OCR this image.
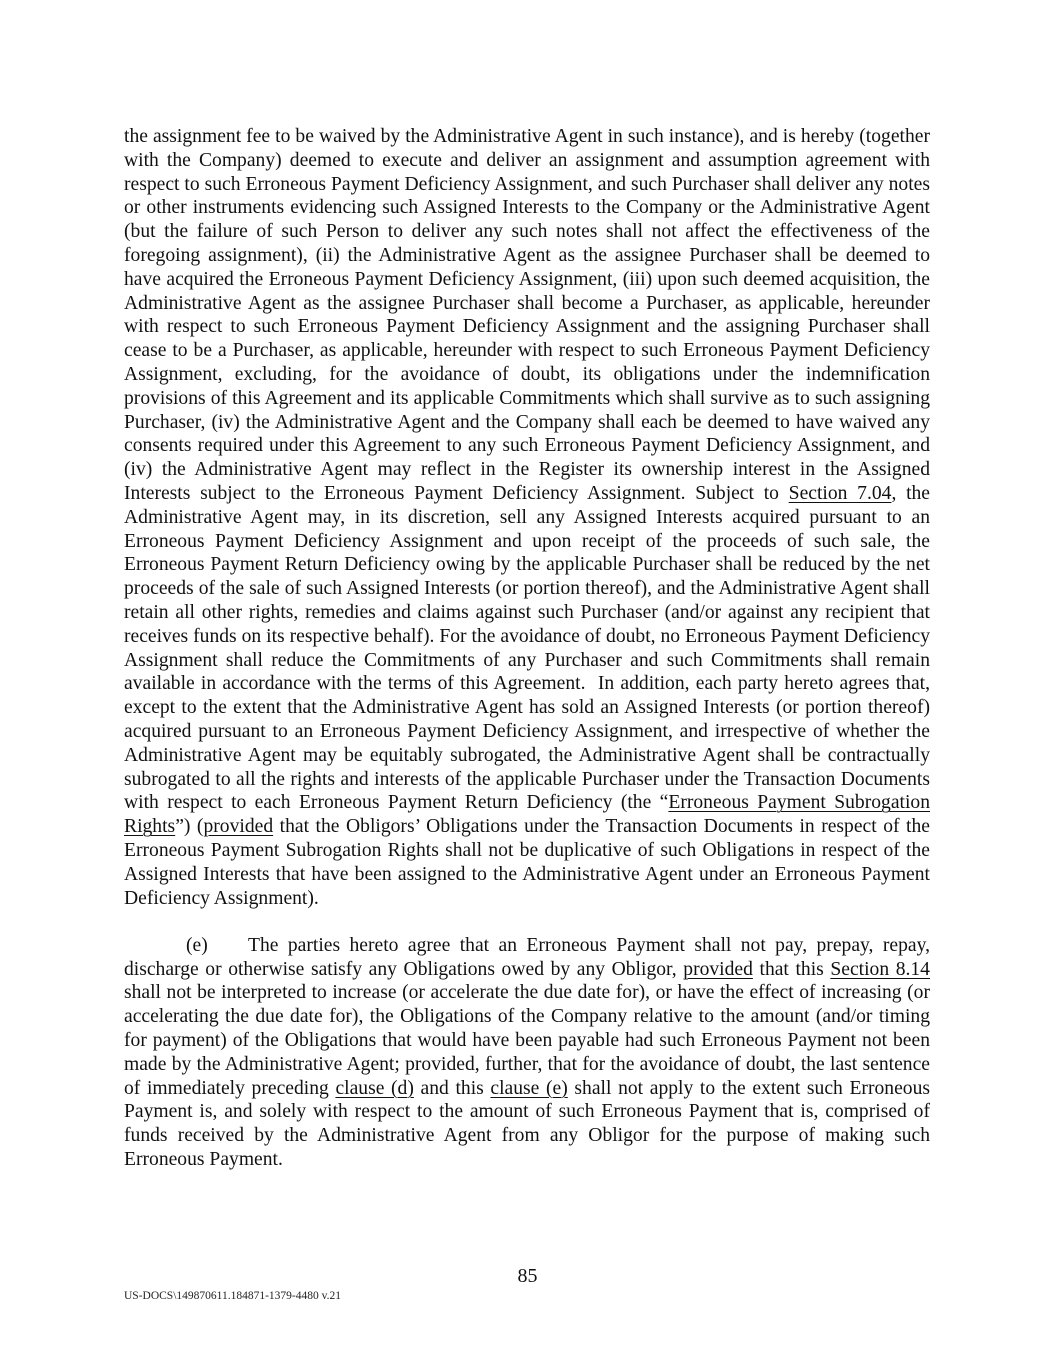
the assignment fee to be waived by the Administrative Agent in such instance), and is hereby (together with the Company) deemed to execute and deliver an assignment and assumption agreement with respect to such Erroneous Payment Deficiency Assignment, and such Purchaser shall deliver any notes or other instruments evidencing such Assigned Interests to the Company or the Administrative Agent (but the failure of such Person to deliver any such notes shall not affect the effectiveness of the foregoing assignment), (ii) the Administrative Agent as the assignee Purchaser shall be deemed to have acquired the Erroneous Payment Deficiency Assignment, (iii) upon such deemed acquisition, the Administrative Agent as the assignee Purchaser shall become a Purchaser, as applicable, hereunder with respect to such Erroneous Payment Deficiency Assignment and the assigning Purchaser shall cease to be a Purchaser, as applicable, hereunder with respect to such Erroneous Payment Deficiency Assignment, excluding, for the avoidance of doubt, its obligations under the indemnification provisions of this Agreement and its applicable Commitments which shall survive as to such assigning Purchaser, (iv) the Administrative Agent and the Company shall each be deemed to have waived any consents required under this Agreement to any such Erroneous Payment Deficiency Assignment, and (iv) the Administrative Agent may reflect in the Register its ownership interest in the Assigned Interests subject to the Erroneous Payment Deficiency Assignment. Subject to Section 7.04, the Administrative Agent may, in its discretion, sell any Assigned Interests acquired pursuant to an Erroneous Payment Deficiency Assignment and upon receipt of the proceeds of such sale, the Erroneous Payment Return Deficiency owing by the applicable Purchaser shall be reduced by the net proceeds of the sale of such Assigned Interests (or portion thereof), and the Administrative Agent shall retain all other rights, remedies and claims against such Purchaser (and/or against any recipient that receives funds on its respective behalf). For the avoidance of doubt, no Erroneous Payment Deficiency Assignment shall reduce the Commitments of any Purchaser and such Commitments shall remain available in accordance with the terms of this Agreement.  In addition, each party hereto agrees that, except to the extent that the Administrative Agent has sold an Assigned Interests (or portion thereof) acquired pursuant to an Erroneous Payment Deficiency Assignment, and irrespective of whether the Administrative Agent may be equitably subrogated, the Administrative Agent shall be contractually subrogated to all the rights and interests of the applicable Purchaser under the Transaction Documents with respect to each Erroneous Payment Return Deficiency (the “Erroneous Payment Subrogation Rights”) (provided that the Obligors’ Obligations under the Transaction Documents in respect of the Erroneous Payment Subrogation Rights shall not be duplicative of such Obligations in respect of the Assigned Interests that have been assigned to the Administrative Agent under an Erroneous Payment Deficiency Assignment).

(e) The parties hereto agree that an Erroneous Payment shall not pay, prepay, repay, discharge or otherwise satisfy any Obligations owed by any Obligor, provided that this Section 8.14 shall not be interpreted to increase (or accelerate the due date for), or have the effect of increasing (or accelerating the due date for), the Obligations of the Company relative to the amount (and/or timing for payment) of the Obligations that would have been payable had such Erroneous Payment not been made by the Administrative Agent; provided, further, that for the avoidance of doubt, the last sentence of immediately preceding clause (d) and this clause (e) shall not apply to the extent such Erroneous Payment is, and solely with respect to the amount of such Erroneous Payment that is, comprised of funds received by the Administrative Agent from any Obligor for the purpose of making such Erroneous Payment.

85
US-DOCS\149870611.184871-1379-4480 v.21
